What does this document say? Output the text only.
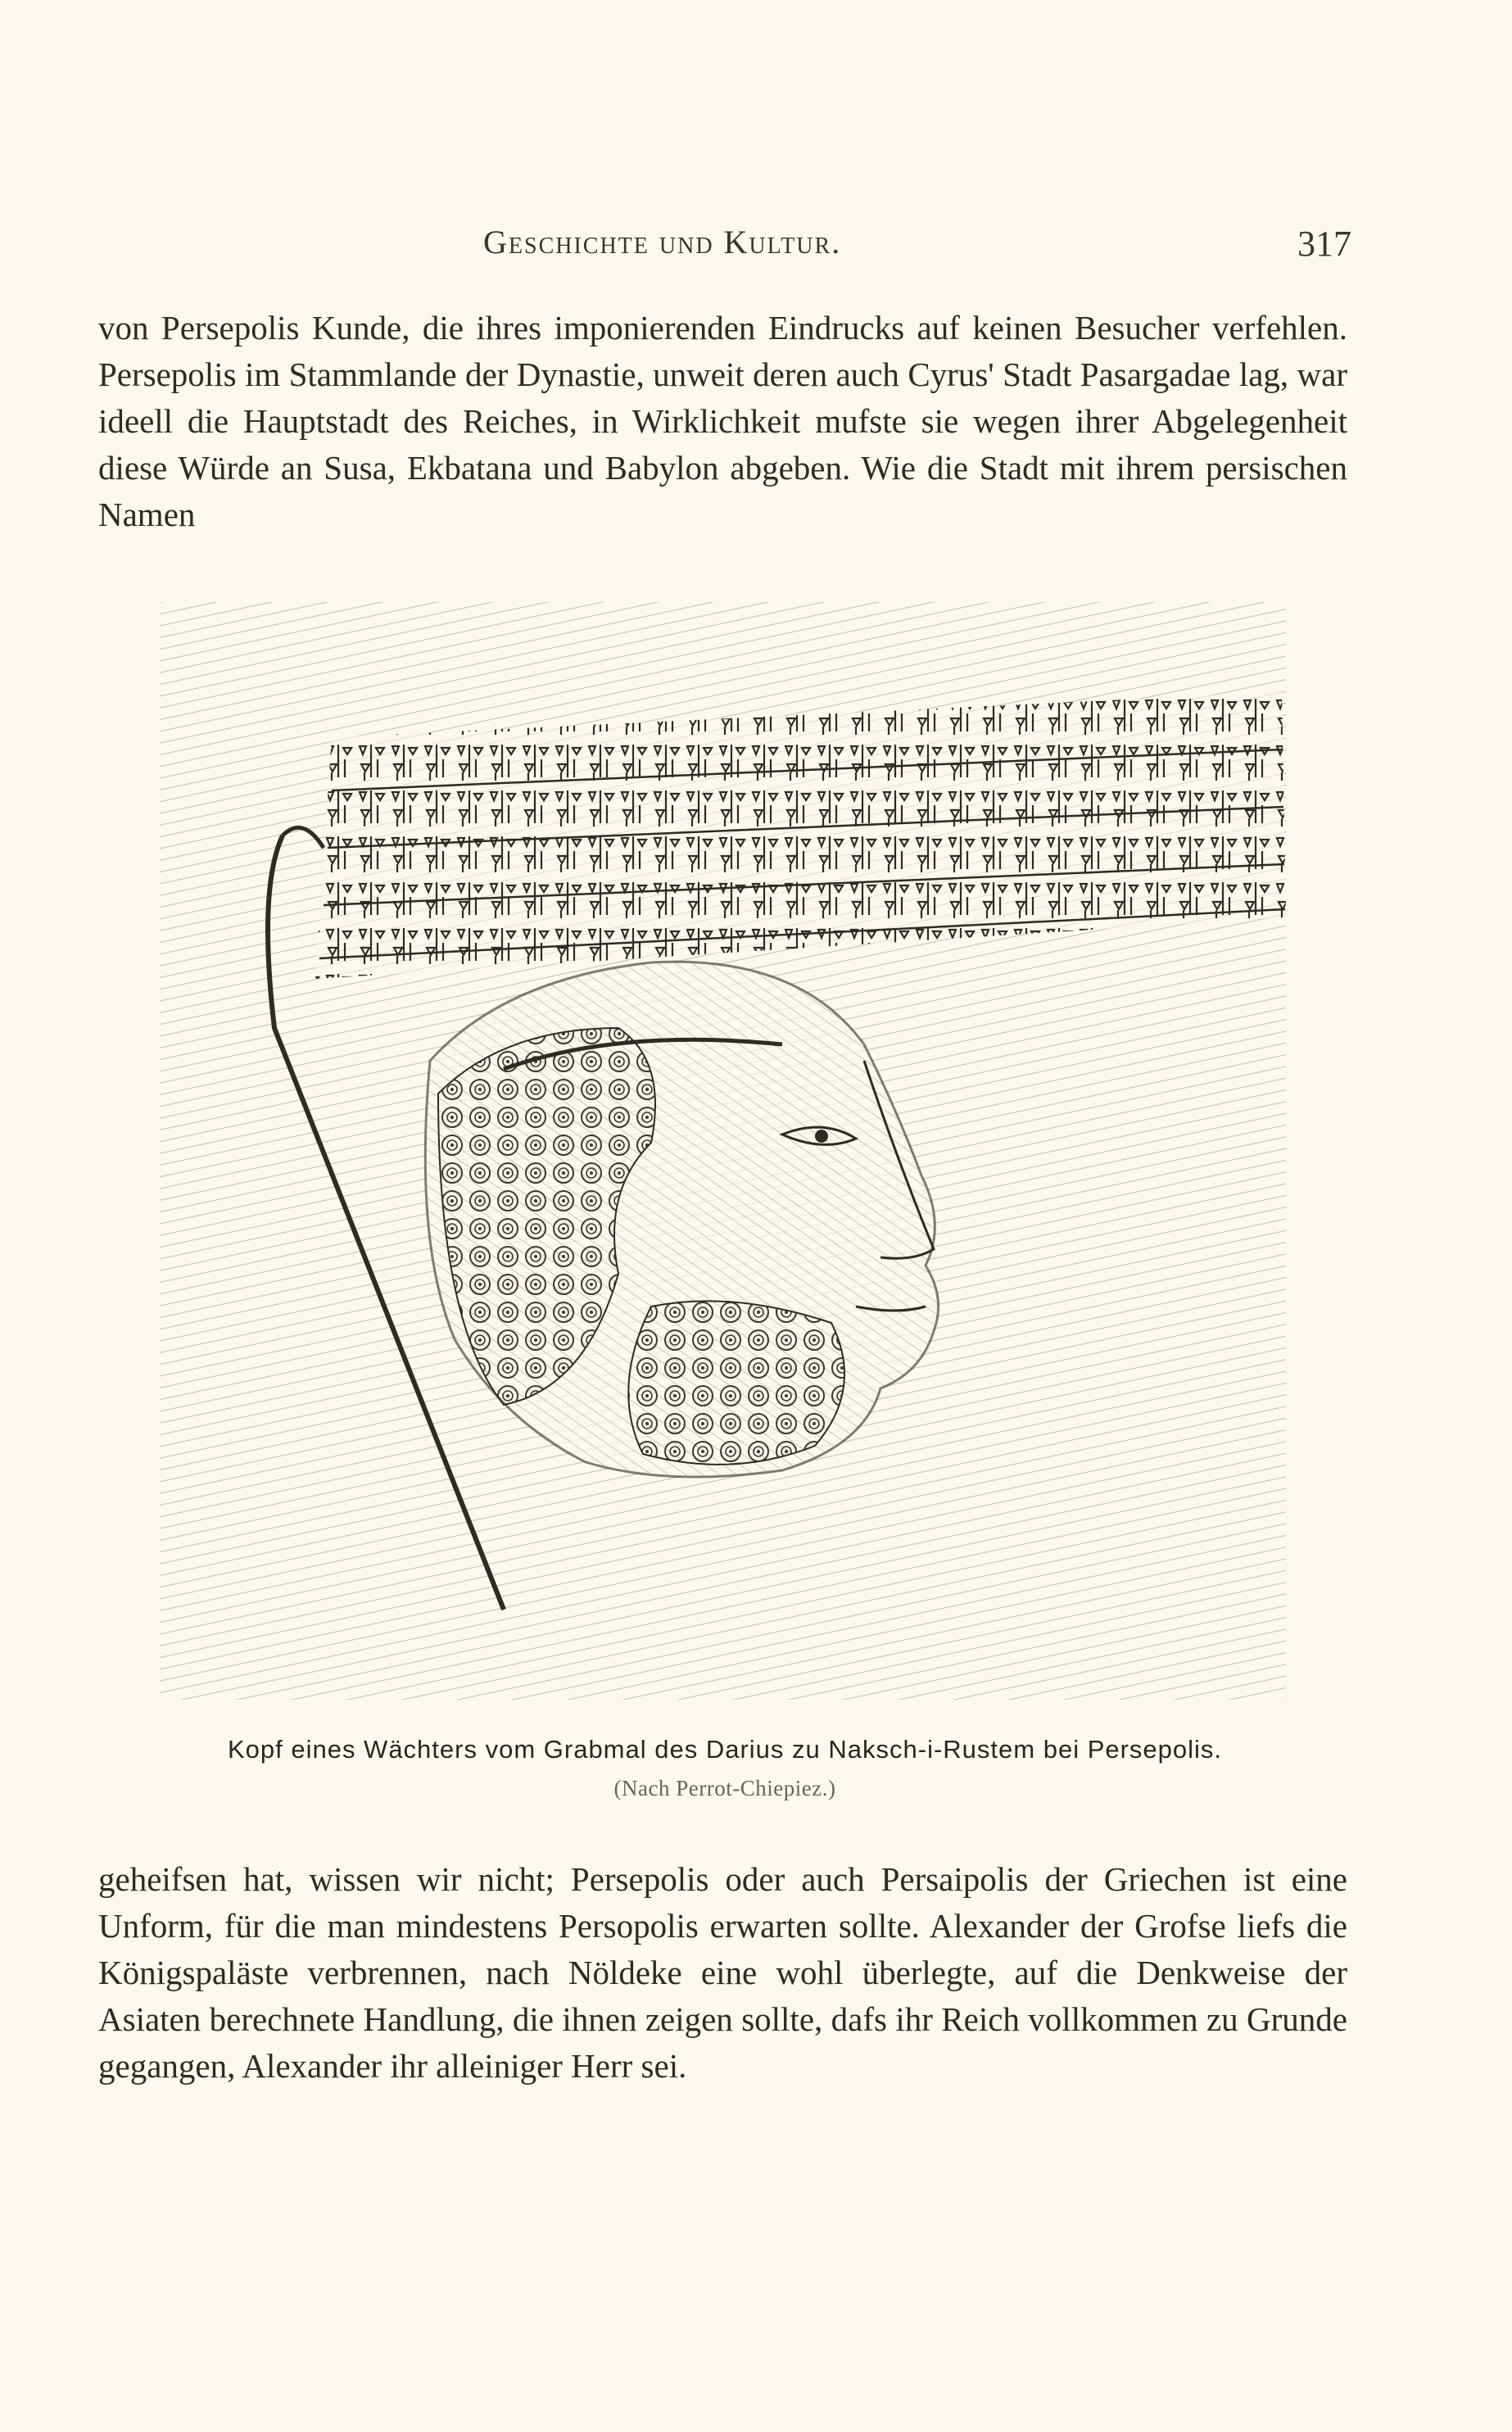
Geschichte und Kultur.	317
von Persepolis Kunde, die ihres imponierenden Eindrucks auf keinen Besucher verfehlen. Persepolis im Stammlande der Dynastie, unweit deren auch Cyrus' Stadt Pasargadae lag, war ideell die Hauptstadt des Reiches, in Wirklichkeit mufste sie wegen ihrer Abgelegenheit diese Würde an Susa, Ekbatana und Babylon abgeben. Wie die Stadt mit ihrem persischen Namen
Kopf eines Wächters vom Grabmal des Darius zu Naksch-i-Rustem bei Persepolis.
(Nach Perrot-Chiepiez.)
geheifsen hat, wissen wir nicht; Persepolis oder auch Persaipolis der Griechen ist eine Unform, für die man mindestens Persopolis erwarten sollte. Alexander der Grofse liefs die Königspaläste verbrennen, nach Nöldeke eine wohl überlegte, auf die Denkweise der Asiaten berechnete Handlung, die ihnen zeigen sollte, dafs ihr Reich vollkommen zu Grunde gegangen, Alexander ihr alleiniger Herr sei.
